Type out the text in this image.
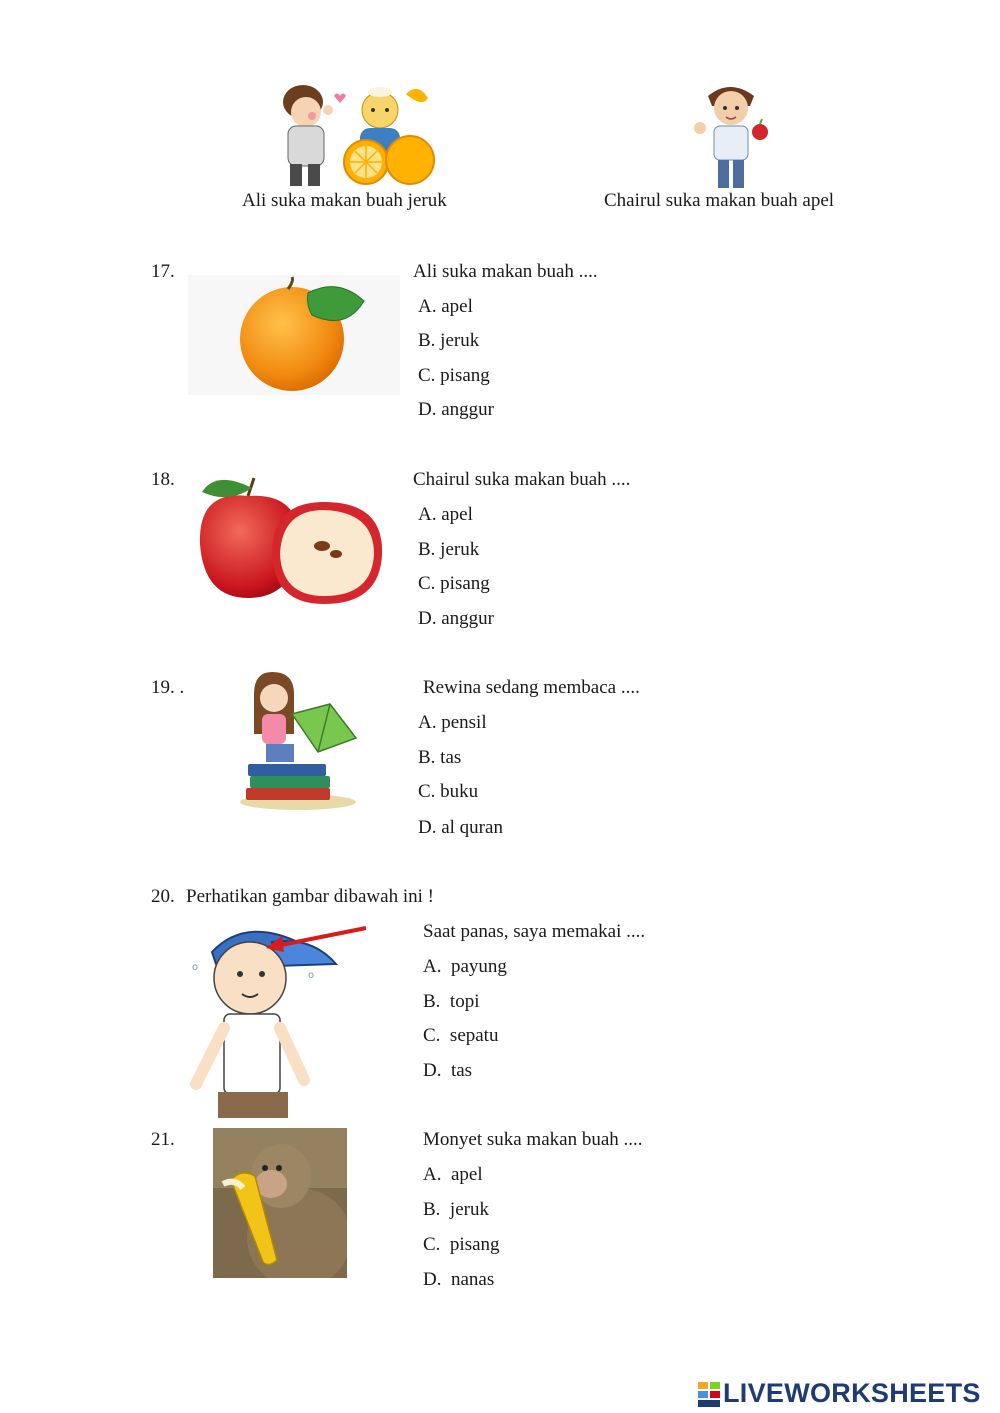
Ali suka makan buah jeruk	Chairul suka makan buah apel
17.	Ali suka makan buah ....
A. apel
B. jeruk
C. pisang
D. anggur
18.	Chairul suka makan buah ....
A. apel
B. jeruk
C. pisang
D. anggur
19. .	Rewina sedang membaca ....
A. pensil
B. tas
C. buku
D. al quran
20. Perhatikan gambar dibawah ini !
o
o
Saat panas, saya memakai ....
A.  payung
B.  topi
C.  sepatu
D.  tas
21.	Monyet suka makan buah ....
A.  apel
B.  jeruk
C.  pisang
D.  nanas
LIVEWORKSHEETS
